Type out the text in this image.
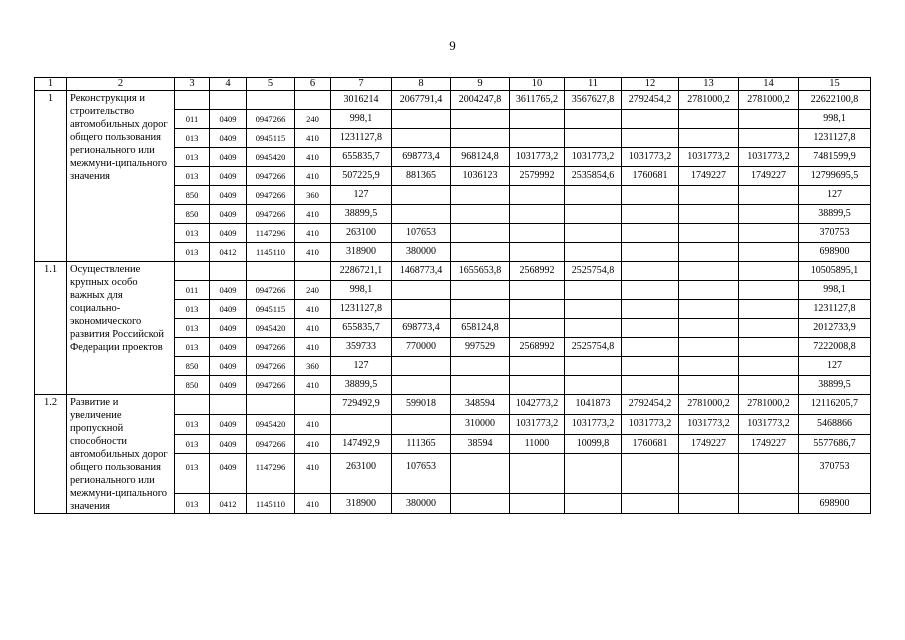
9
1	2	3	4	5	6	7	8	9	10	11	12	13	14	15
1	Реконструкция и строительство автомобильных дорог общего пользования регионального или межмуни-ципального значения					3016214	2067791,4	2004247,8	3611765,2	3567627,8	2792454,2	2781000,2	2781000,2	22622100,8
		011	0409	0947266	240	998,1								998,1
		013	0409	0945115	410	1231127,8								1231127,8
		013	0409	0945420	410	655835,7	698773,4	968124,8	1031773,2	1031773,2	1031773,2	1031773,2	1031773,2	7481599,9
		013	0409	0947266	410	507225,9	881365	1036123	2579992	2535854,6	1760681	1749227	1749227	12799695,5
		850	0409	0947266	360	127								127
		850	0409	0947266	410	38899,5								38899,5
		013	0409	1147296	410	263100	107653							370753
		013	0412	1145110	410	318900	380000							698900
1.1	Осуществление крупных особо важных для социально-экономического развития Российской Федерации проектов					2286721,1	1468773,4	1655653,8	2568992	2525754,8				10505895,1
		011	0409	0947266	240	998,1								998,1
		013	0409	0945115	410	1231127,8								1231127,8
		013	0409	0945420	410	655835,7	698773,4	658124,8						2012733,9
		013	0409	0947266	410	359733	770000	997529	2568992	2525754,8				7222008,8
		850	0409	0947266	360	127								127
		850	0409	0947266	410	38899,5								38899,5
1.2	Развитие и увеличение пропускной способности автомобильных дорог общего пользования регионального или межмуни-ципального значения					729492,9	599018	348594	1042773,2	1041873	2792454,2	2781000,2	2781000,2	12116205,7
		013	0409	0945420	410			310000	1031773,2	1031773,2	1031773,2	1031773,2	1031773,2	5468866
		013	0409	0947266	410	147492,9	111365	38594	11000	10099,8	1760681	1749227	1749227	5577686,7
		013	0409	1147296	410	263100	107653							370753
		013	0412	1145110	410	318900	380000							698900
